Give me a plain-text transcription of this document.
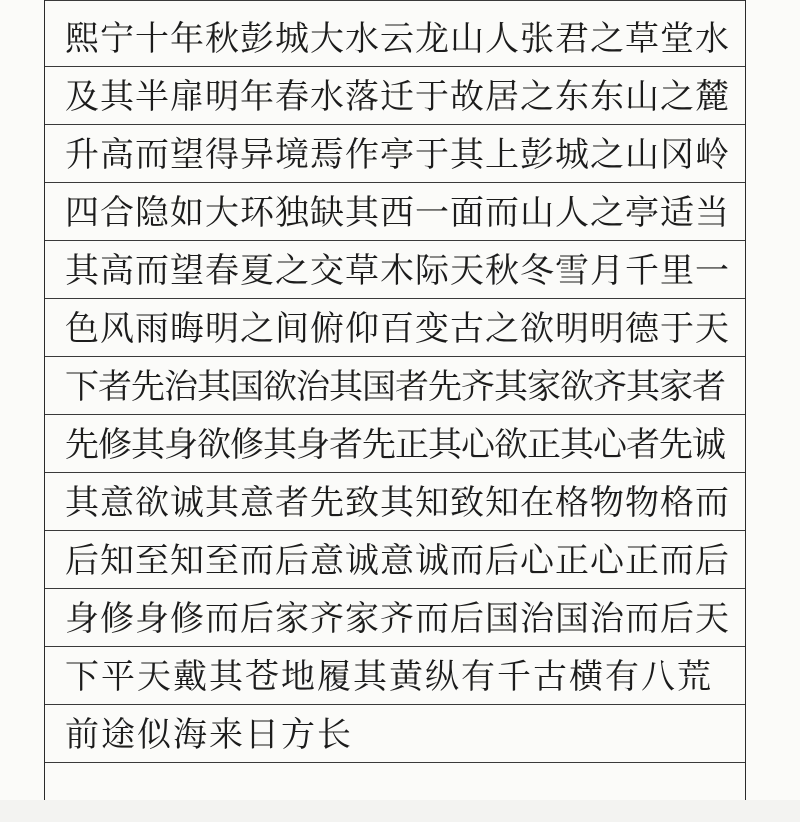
熙宁十年秋彭城大水云龙山人张君之草堂水
及其半扉明年春水落迁于故居之东东山之麓
升高而望得异境焉作亭于其上彭城之山冈岭
四合隐如大环独缺其西一面而山人之亭适当
其高而望春夏之交草木际天秋冬雪月千里一
色风雨晦明之间俯仰百变古之欲明明德于天
下者先治其国欲治其国者先齐其家欲齐其家者
先修其身欲修其身者先正其心欲正其心者先诚
其意欲诚其意者先致其知致知在格物物格而
后知至知至而后意诚意诚而后心正心正而后
身修身修而后家齐家齐而后国治国治而后天
下平天戴其苍地履其黄纵有千古横有八荒
前途似海来日方长
